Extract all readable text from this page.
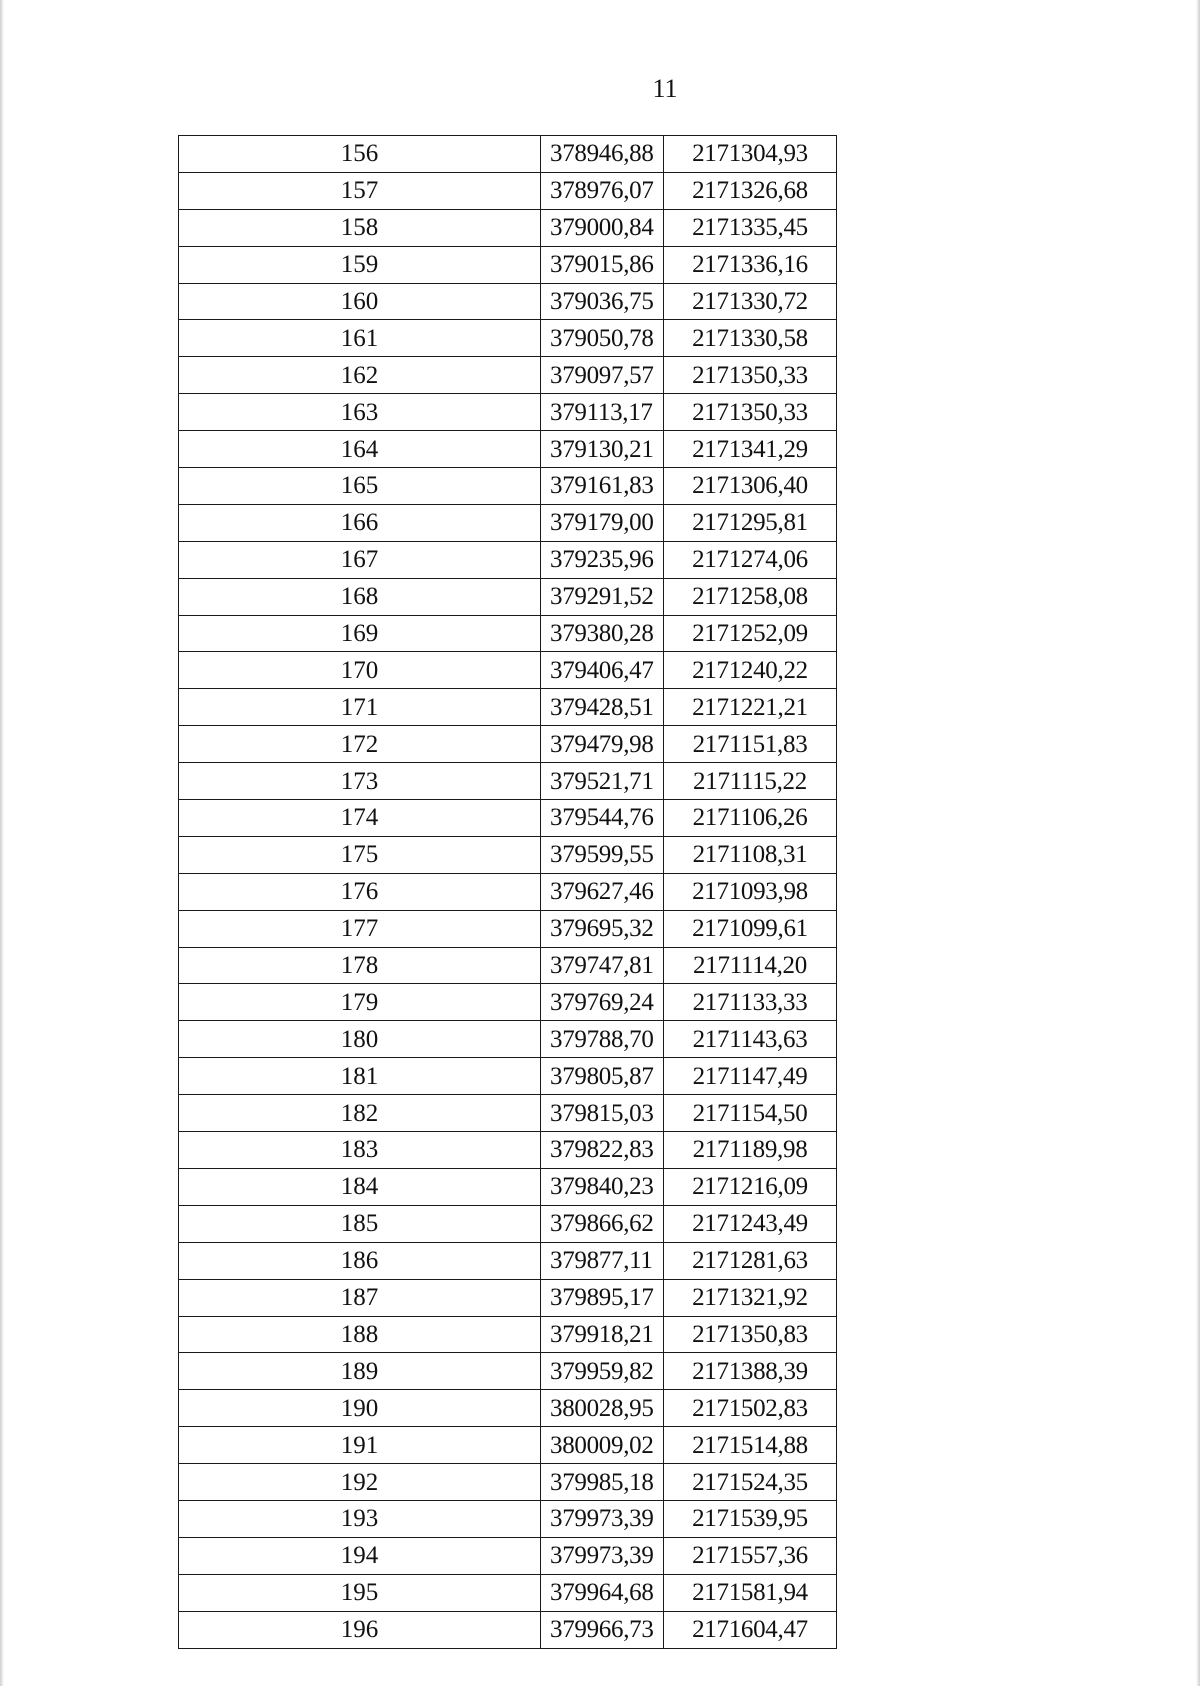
11
156	378946,88	2171304,93
157	378976,07	2171326,68
158	379000,84	2171335,45
159	379015,86	2171336,16
160	379036,75	2171330,72
161	379050,78	2171330,58
162	379097,57	2171350,33
163	379113,17	2171350,33
164	379130,21	2171341,29
165	379161,83	2171306,40
166	379179,00	2171295,81
167	379235,96	2171274,06
168	379291,52	2171258,08
169	379380,28	2171252,09
170	379406,47	2171240,22
171	379428,51	2171221,21
172	379479,98	2171151,83
173	379521,71	2171115,22
174	379544,76	2171106,26
175	379599,55	2171108,31
176	379627,46	2171093,98
177	379695,32	2171099,61
178	379747,81	2171114,20
179	379769,24	2171133,33
180	379788,70	2171143,63
181	379805,87	2171147,49
182	379815,03	2171154,50
183	379822,83	2171189,98
184	379840,23	2171216,09
185	379866,62	2171243,49
186	379877,11	2171281,63
187	379895,17	2171321,92
188	379918,21	2171350,83
189	379959,82	2171388,39
190	380028,95	2171502,83
191	380009,02	2171514,88
192	379985,18	2171524,35
193	379973,39	2171539,95
194	379973,39	2171557,36
195	379964,68	2171581,94
196	379966,73	2171604,47
